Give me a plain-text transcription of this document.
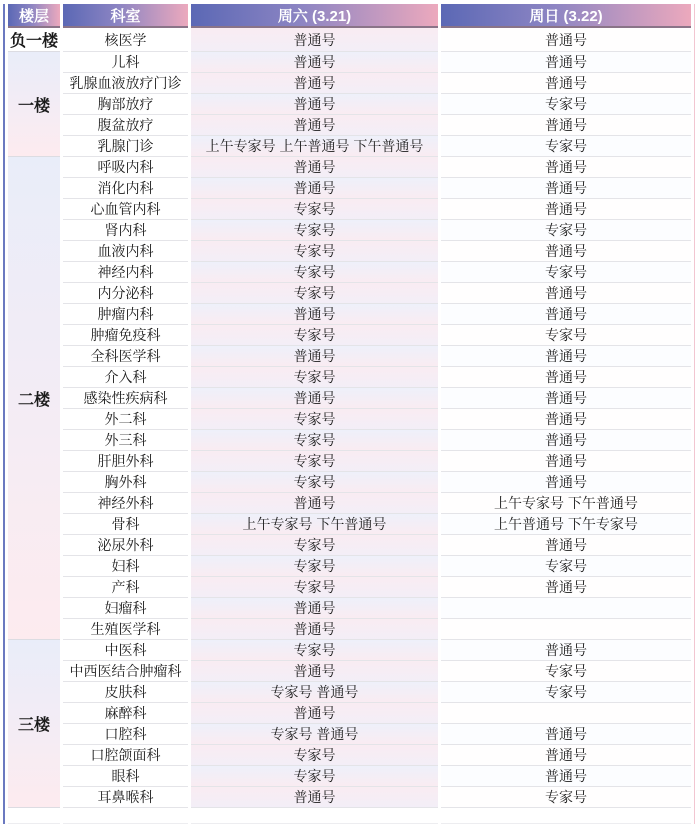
楼层	科室	周六 (3.21)	周日 (3.22)
负一楼	核医学	普通号	普通号
一楼	儿科	普通号	普通号
	乳腺血液放疗门诊	普通号	普通号
	胸部放疗	普通号	专家号
	腹盆放疗	普通号	普通号
	乳腺门诊	上午专家号 上午普通号 下午普通号	专家号
二楼	呼吸内科	普通号	普通号
	消化内科	普通号	普通号
	心血管内科	专家号	普通号
	肾内科	专家号	专家号
	血液内科	专家号	普通号
	神经内科	专家号	专家号
	内分泌科	专家号	普通号
	肿瘤内科	普通号	普通号
	肿瘤免疫科	专家号	专家号
	全科医学科	普通号	普通号
	介入科	专家号	普通号
	感染性疾病科	普通号	普通号
	外二科	专家号	普通号
	外三科	专家号	普通号
	肝胆外科	专家号	普通号
	胸外科	专家号	普通号
	神经外科	普通号	上午专家号 下午普通号
	骨科	上午专家号 下午普通号	上午普通号 下午专家号
	泌尿外科	专家号	普通号
	妇科	专家号	专家号
	产科	专家号	普通号
	妇瘤科	普通号	
	生殖医学科	普通号	
三楼	中医科	专家号	普通号
	中西医结合肿瘤科	普通号	专家号
	皮肤科	专家号 普通号	专家号
	麻醉科	普通号	
	口腔科	专家号 普通号	普通号
	口腔颌面科	专家号	普通号
	眼科	专家号	普通号
	耳鼻喉科	普通号	专家号
